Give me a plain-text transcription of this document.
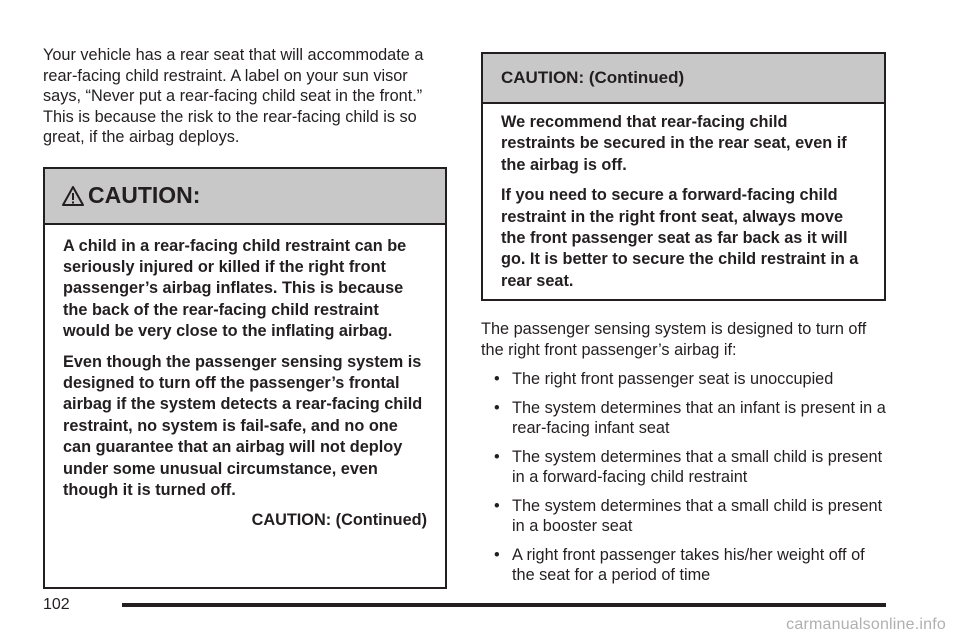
Your vehicle has a rear seat that will accommodate a rear-facing child restraint. A label on your sun visor says, “Never put a rear-facing child seat in the front.” This is because the risk to the rear-facing child is so great, if the airbag deploys.

CAUTION:

A child in a rear-facing child restraint can be seriously injured or killed if the right front passenger’s airbag inflates. This is because the back of the rear-facing child restraint would be very close to the inflating airbag.

Even though the passenger sensing system is designed to turn off the passenger’s frontal airbag if the system detects a rear-facing child restraint, no system is fail-safe, and no one can guarantee that an airbag will not deploy under some unusual circumstance, even though it is turned off.

CAUTION: (Continued)
CAUTION: (Continued)

We recommend that rear-facing child restraints be secured in the rear seat, even if the airbag is off.

If you need to secure a forward-facing child restraint in the right front seat, always move the front passenger seat as far back as it will go. It is better to secure the child restraint in a rear seat.

The passenger sensing system is designed to turn off the right front passenger’s airbag if:

• The right front passenger seat is unoccupied
• The system determines that an infant is present in a rear-facing infant seat
• The system determines that a small child is present in a forward-facing child restraint
• The system determines that a small child is present in a booster seat
• A right front passenger takes his/her weight off of the seat for a period of time
102
carmanualsonline.info
